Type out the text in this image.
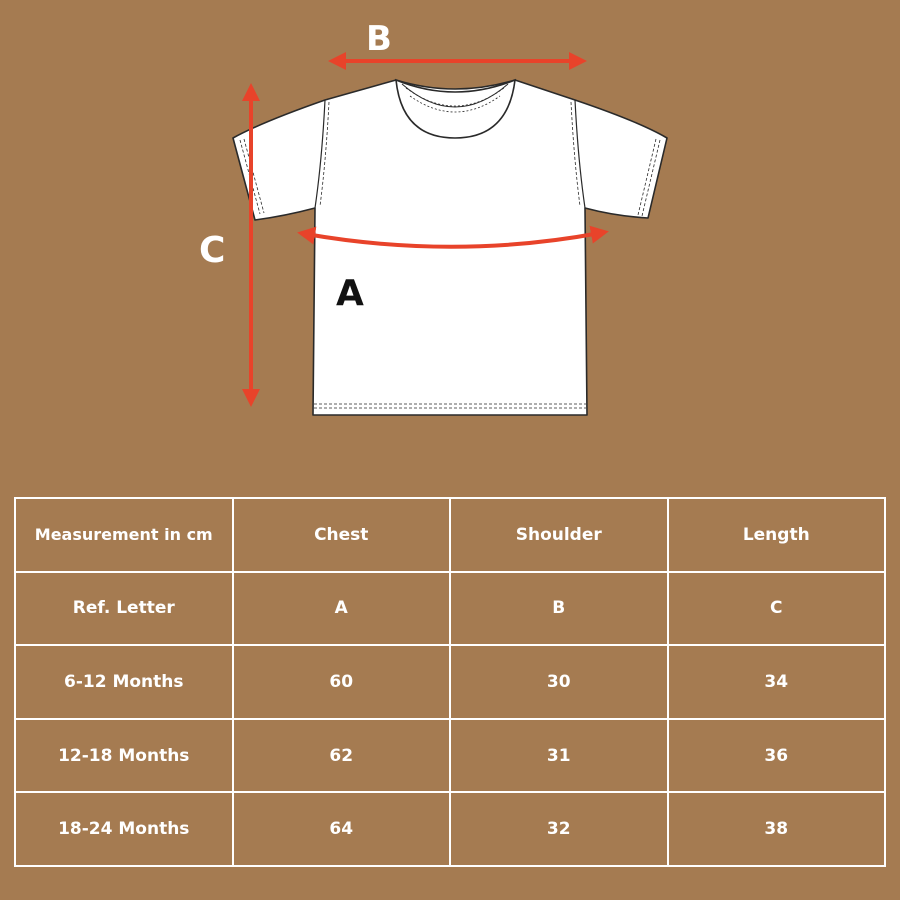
B
C
A
Measurement in cm	Chest	Shoulder	Length
Ref. Letter	A	B	C
6-12 Months	60	30	34
12-18 Months	62	31	36
18-24 Months	64	32	38
